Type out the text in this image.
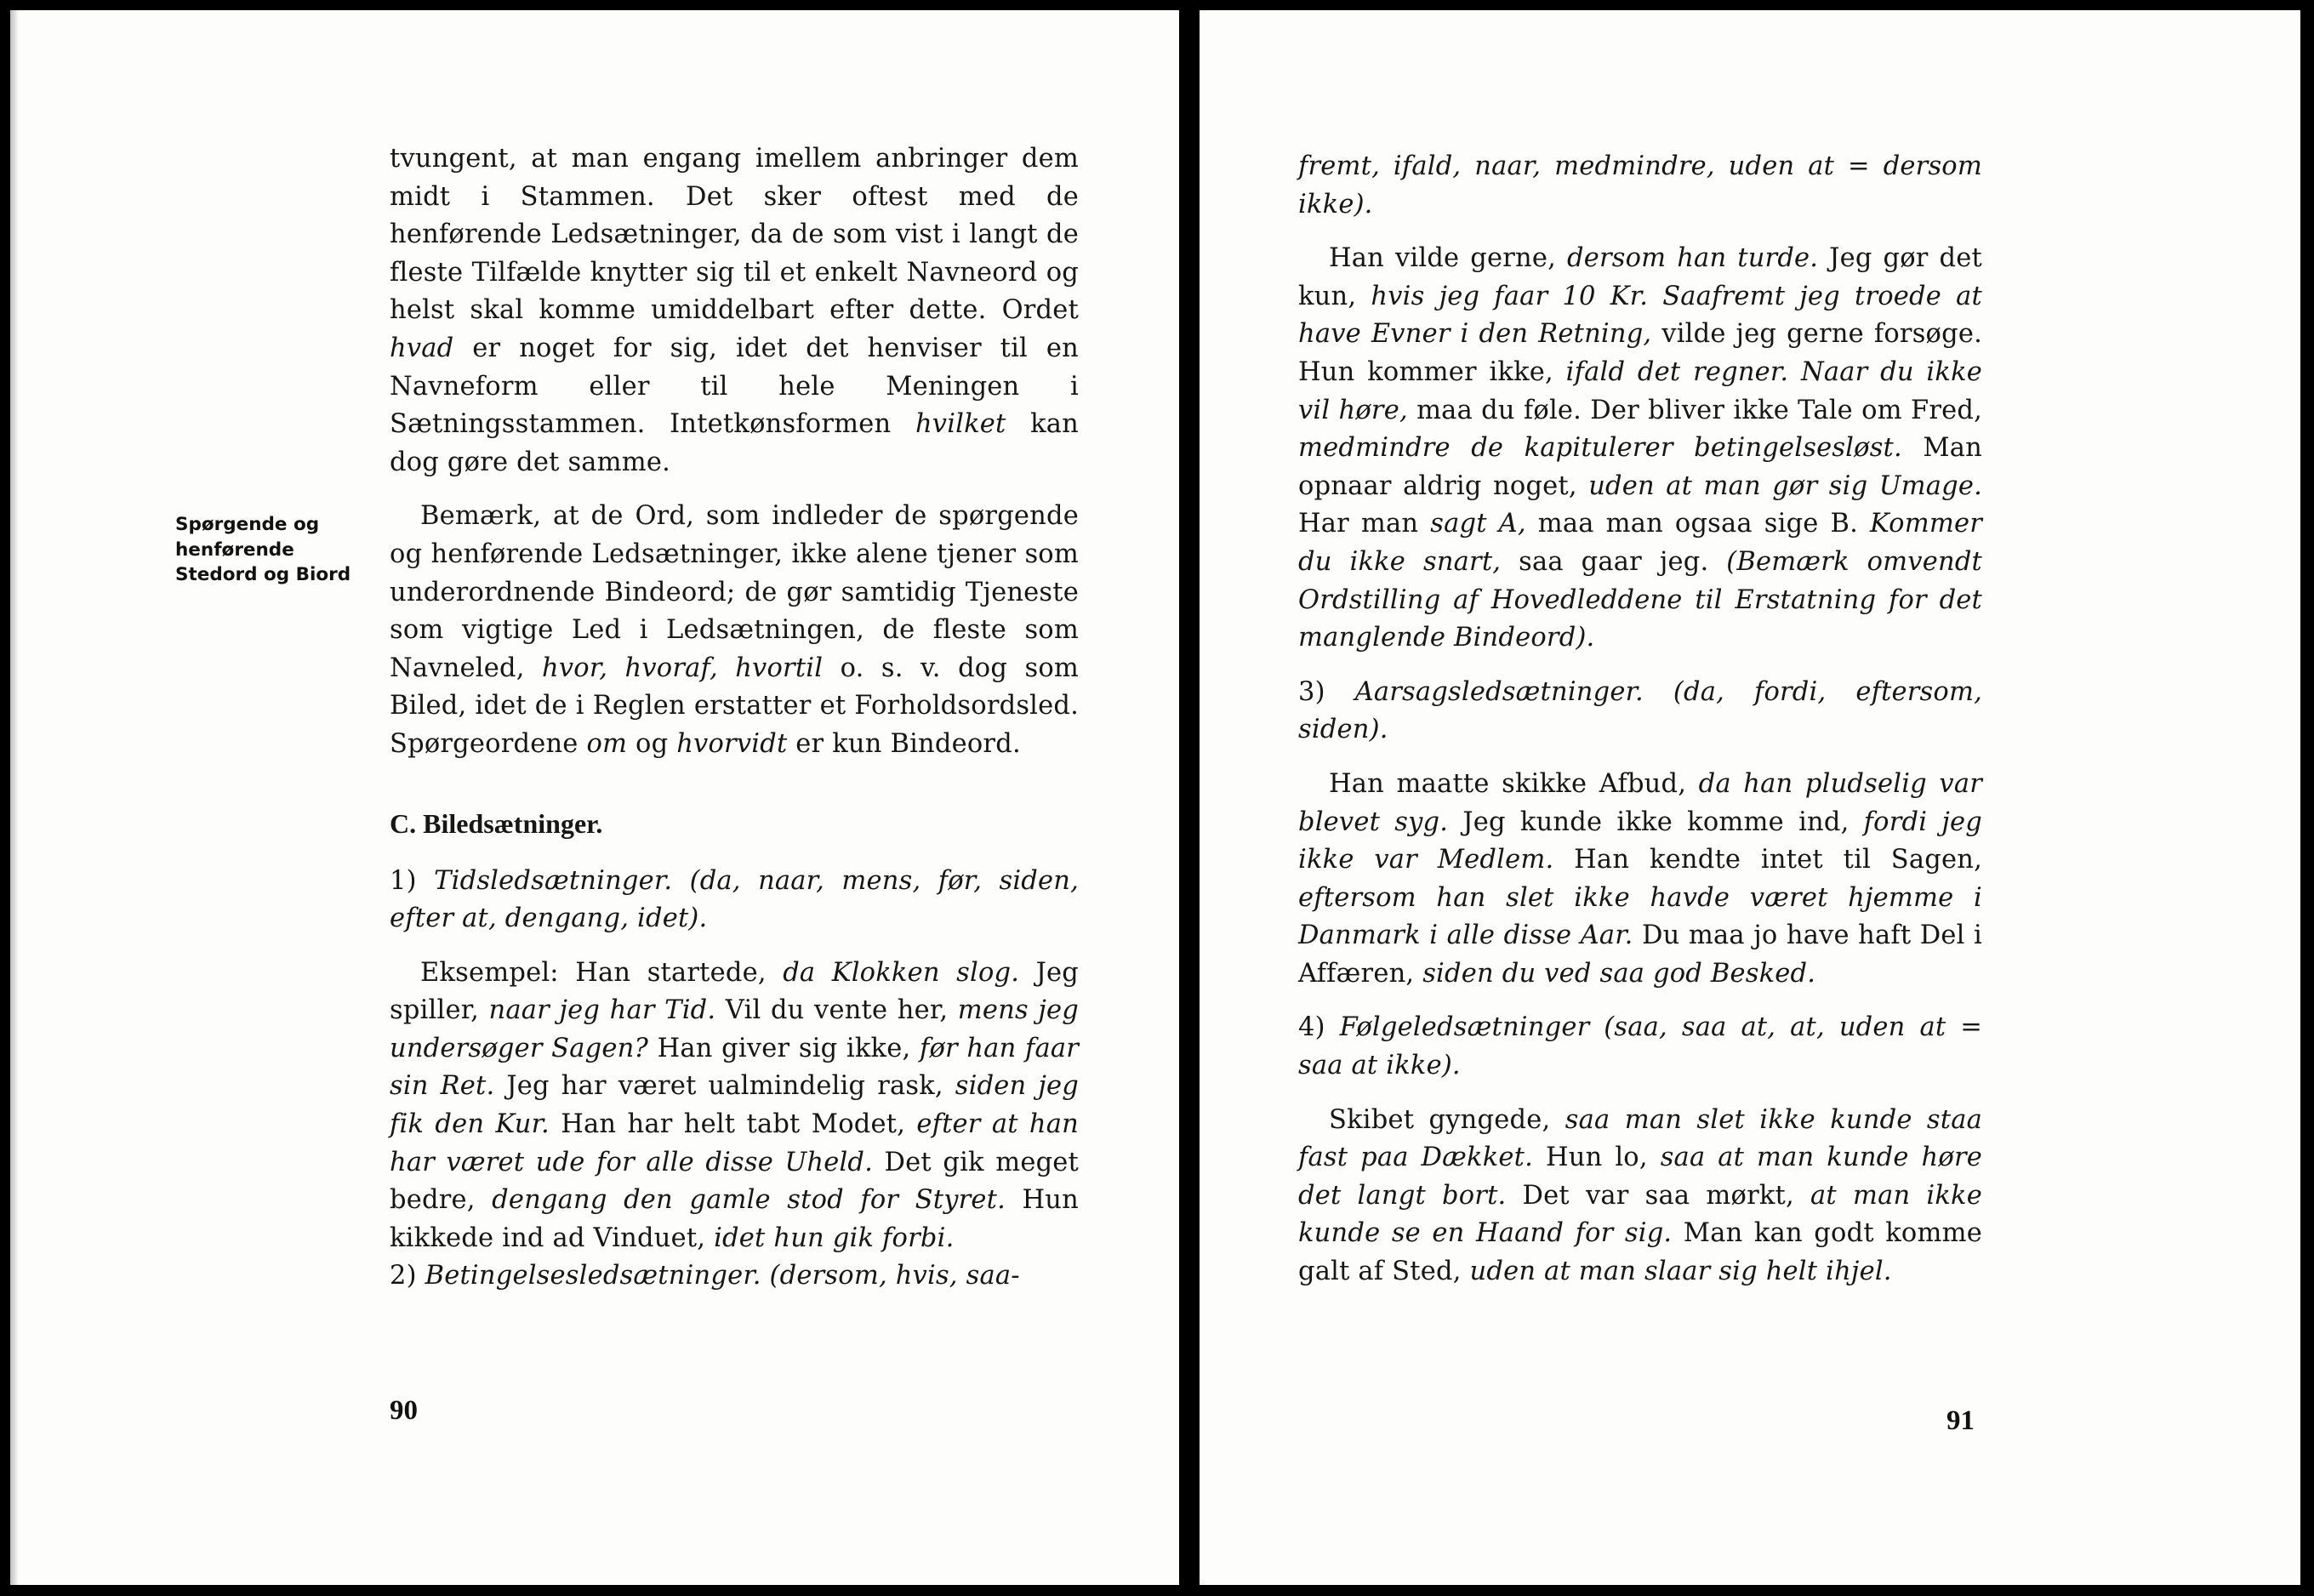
Spørgende og henførende Stedord og Biord

tvungent, at man engang imellem anbringer dem midt i Stammen. Det sker oftest med de henførende Ledsætninger, da de som vist i langt de fleste Tilfælde knytter sig til et enkelt Navneord og helst skal komme umiddelbart efter dette. Ordet hvad er noget for sig, idet det henviser til en Navneform eller til hele Meningen i Sætningsstammen. Intetkønsformen hvilket kan dog gøre det samme.

Bemærk, at de Ord, som indleder de spørgende og henførende Ledsætninger, ikke alene tjener som underordnende Bindeord; de gør samtidig Tjeneste som vigtige Led i Ledsætningen, de fleste som Navneled, hvor, hvoraf, hvortil o. s. v. dog som Biled, idet de i Reglen erstatter et Forholdsordsled. Spørgeordene om og hvorvidt er kun Bindeord.

C. Biledsætninger.

1) Tidsledsætninger. (da, naar, mens, før, siden, efter at, dengang, idet).

Eksempel: Han startede, da Klokken slog. Jeg spiller, naar jeg har Tid. Vil du vente her, mens jeg undersøger Sagen? Han giver sig ikke, før han faar sin Ret. Jeg har været ualmindelig rask, siden jeg fik den Kur. Han har helt tabt Modet, efter at han har været ude for alle disse Uheld. Det gik meget bedre, dengang den gamle stod for Styret. Hun kikkede ind ad Vinduet, idet hun gik forbi.

2) Betingelsesledsætninger. (dersom, hvis, saa-

90

fremt, ifald, naar, medmindre, uden at = dersom ikke).

Han vilde gerne, dersom han turde. Jeg gør det kun, hvis jeg faar 10 Kr. Saafremt jeg troede at have Evner i den Retning, vilde jeg gerne forsøge. Hun kommer ikke, ifald det regner. Naar du ikke vil høre, maa du føle. Der bliver ikke Tale om Fred, medmindre de kapitulerer betingelsesløst. Man opnaar aldrig noget, uden at man gør sig Umage. Har man sagt A, maa man ogsaa sige B. Kommer du ikke snart, saa gaar jeg. (Bemærk omvendt Ordstilling af Hovedleddene til Erstatning for det manglende Bindeord).

3) Aarsagsledsætninger. (da, fordi, eftersom, siden).

Han maatte skikke Afbud, da han pludselig var blevet syg. Jeg kunde ikke komme ind, fordi jeg ikke var Medlem. Han kendte intet til Sagen, eftersom han slet ikke havde været hjemme i Danmark i alle disse Aar. Du maa jo have haft Del i Affæren, siden du ved saa god Besked.

4) Følgeledsætninger (saa, saa at, at, uden at = saa at ikke).

Skibet gyngede, saa man slet ikke kunde staa fast paa Dækket. Hun lo, saa at man kunde høre det langt bort. Det var saa mørkt, at man ikke kunde se en Haand for sig. Man kan godt komme galt af Sted, uden at man slaar sig helt ihjel.

91
